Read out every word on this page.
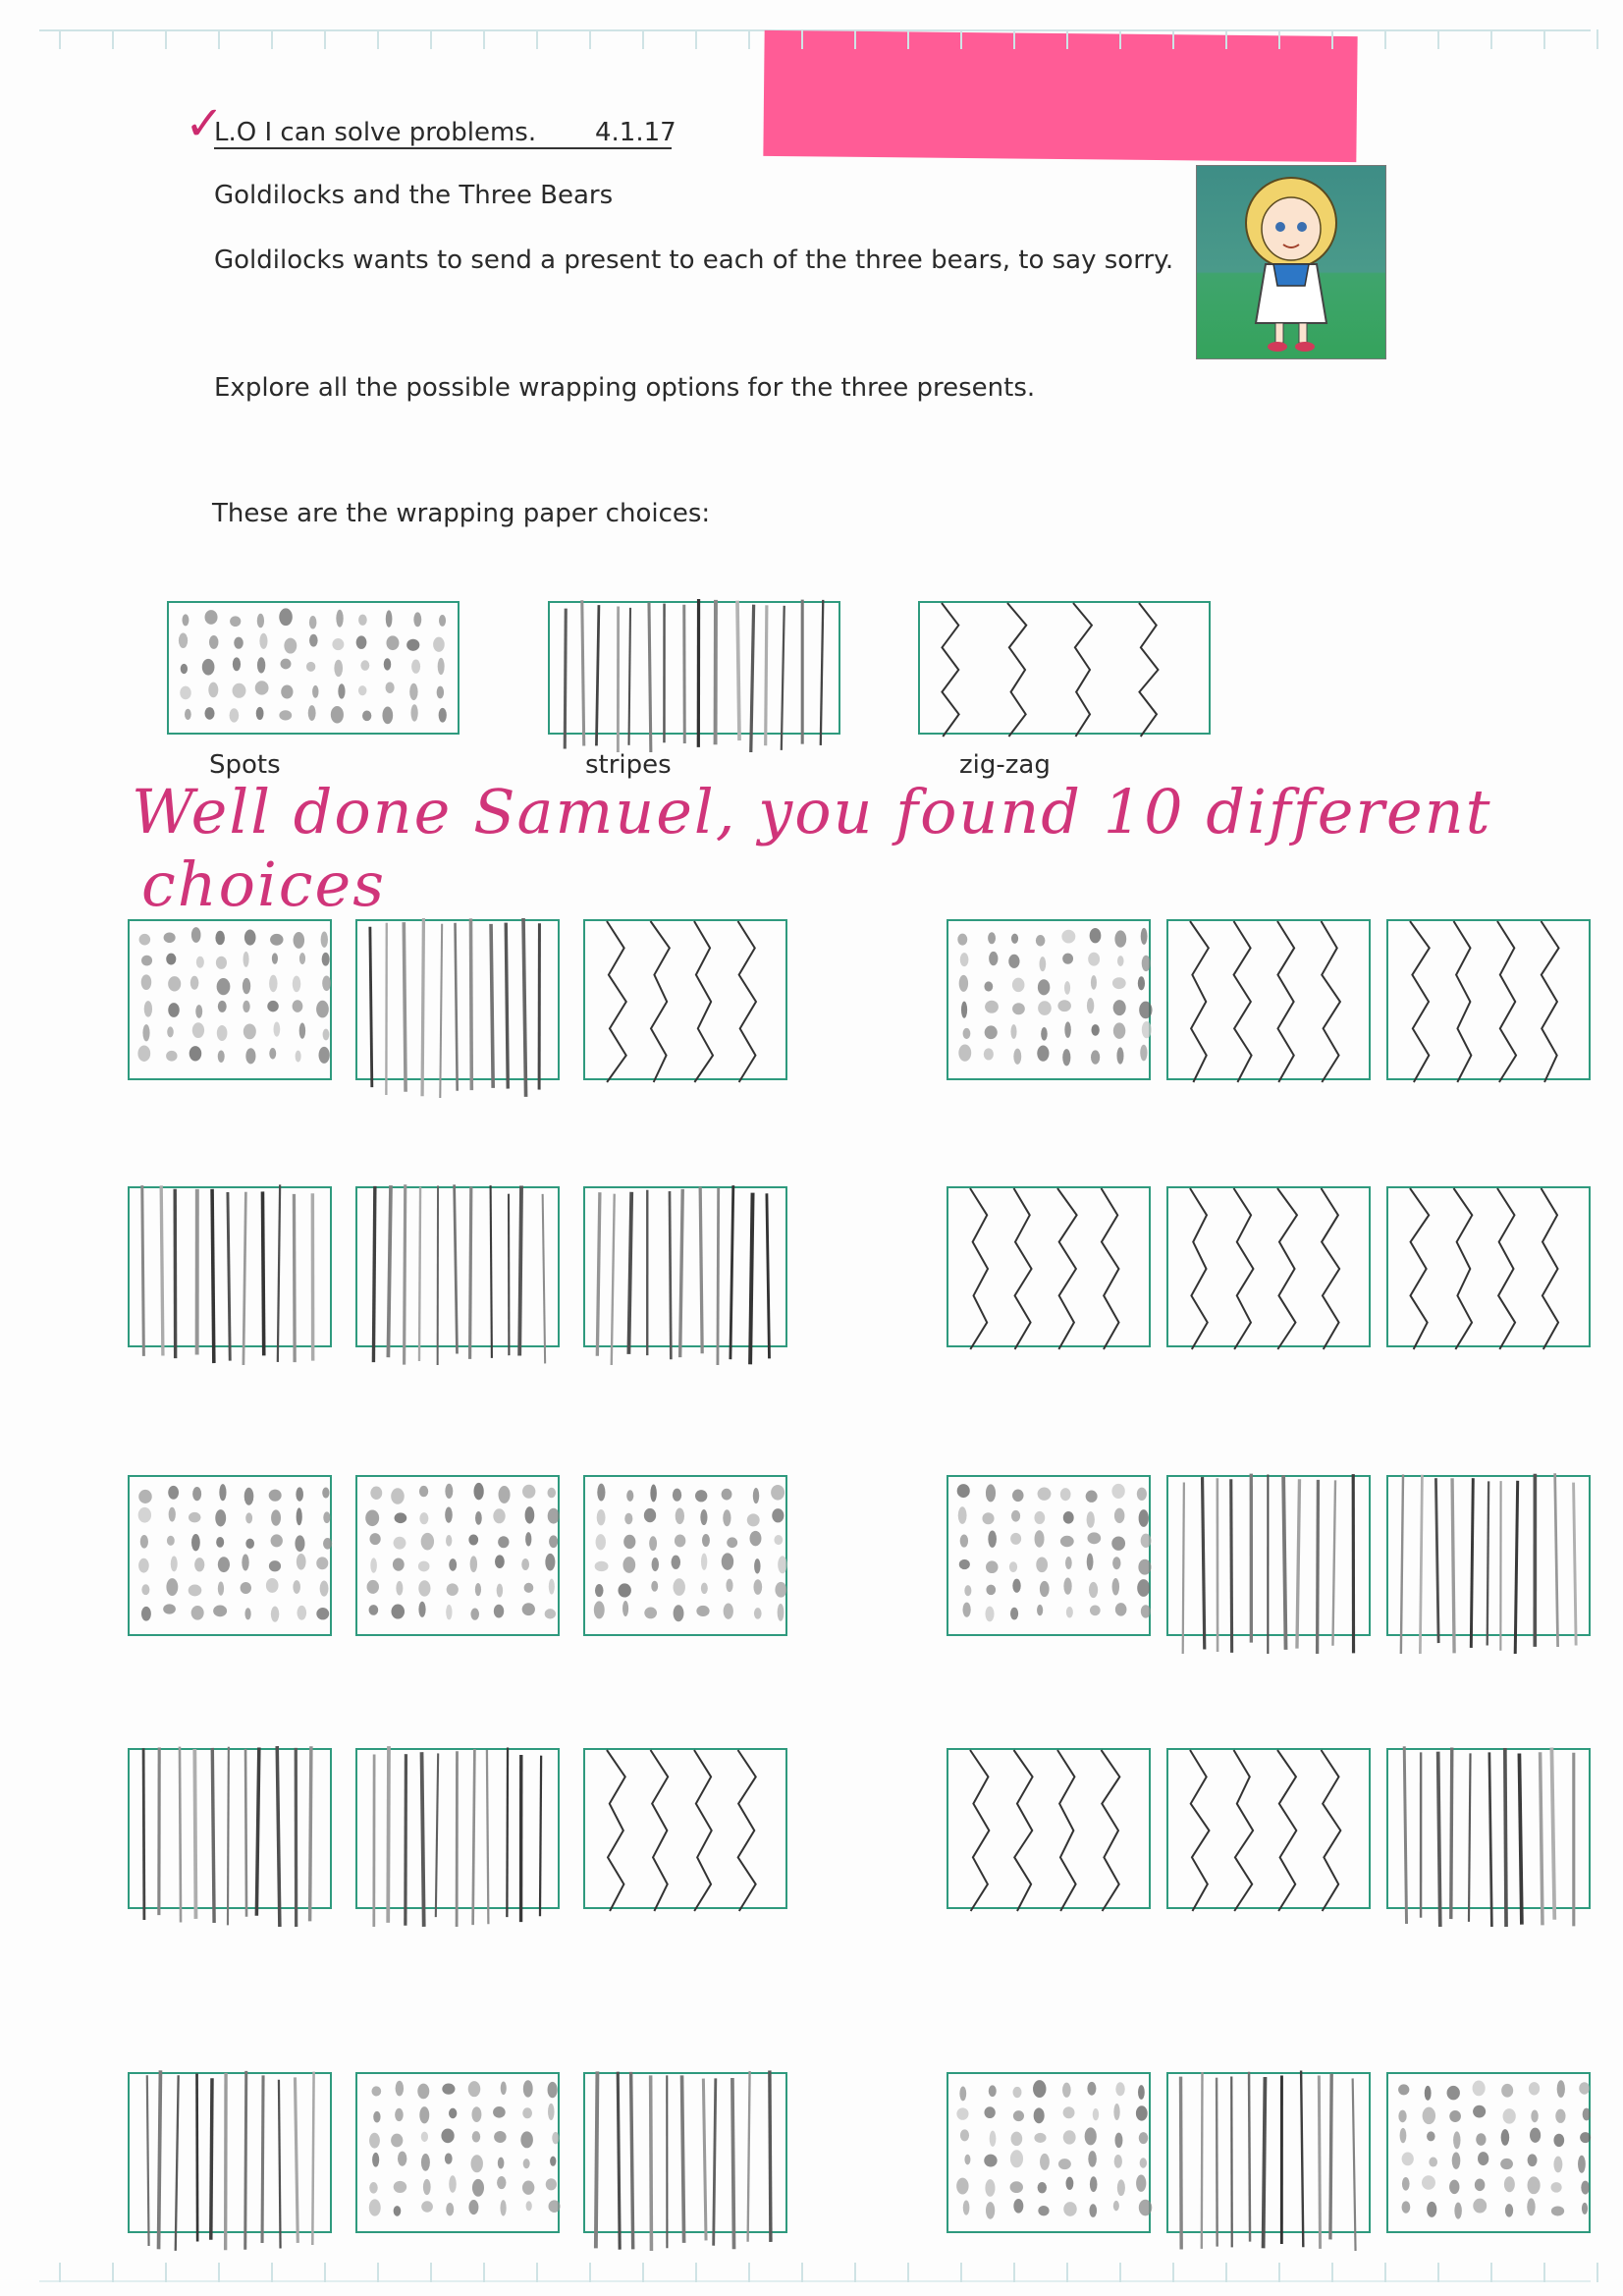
✓
L.O I can solve problems. 4.1.17
Goldilocks and the Three Bears
Goldilocks wants to send a present to each of the three bears, to say sorry.
Explore all the possible wrapping options for the three presents.
These are the wrapping paper choices:
Spots	stripes	zig-zag
Well done Samuel, you found 10 different
choices
